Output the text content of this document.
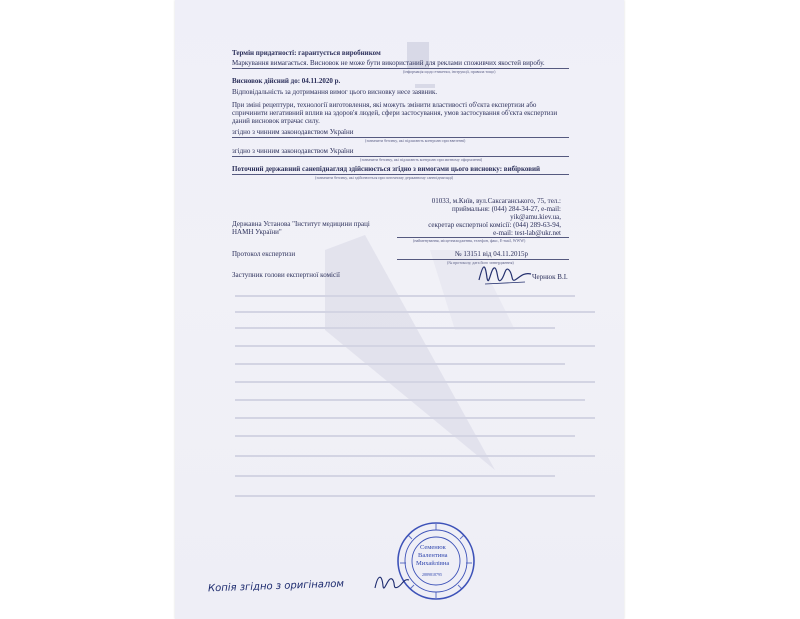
Термін придатності: гарантується виробником
Маркування вимагається. Висновок не може бути використаний для реклами споживчих якостей виробу.
(інформація щодо етикетки, інструкції, правила тощо)
Висновок дійсний до: 04.11.2020 р.
Відповідальність за дотримання вимог цього висновку несе заявник.
При зміні рецептури, технології виготовлення, які можуть змінити властивості об'єкта експертизи або
спричинити негативний вплив на здоров'я людей, сфери застосування, умов застосування об'єкта експертизи
даний висновок втрачає силу.
згідно з чинним законодавством України
(зазначити безпеку, які підлягають контролю при ввезенні)
згідно з чинним законодавством України
(зазначити безпеку, які підлягають контролю при митному оформленні)
Поточний державний санепіднагляд здійснюється згідно з вимогами цього висновку: вибірковий
(зазначити безпеку, які здійснюється при поточному державному санепіднагляді)
01033, м.Київ, вул.Саксаганського, 75, тел.:
приймальня: (044) 284-34-27, e-mail:
yik@amu.kiev.ua,
секретар експертної комісії: (044) 289-63-94,
e-mail: test-lab@ukr.net
(найменування, місцезнаходження, телефон, факс, E-mail, WWW)
Державна Установа "Інститут медицини праці
НАМН України"
Протокол експертизи	№ 13151 від 04.11.2015р
(№ протоколу, дата його затвердження)
Заступник голови експертної комісії	Чернюк В.І.
Семенюк
Валентина
Михайлівна
2889818795
Копія згідно з оригіналом
